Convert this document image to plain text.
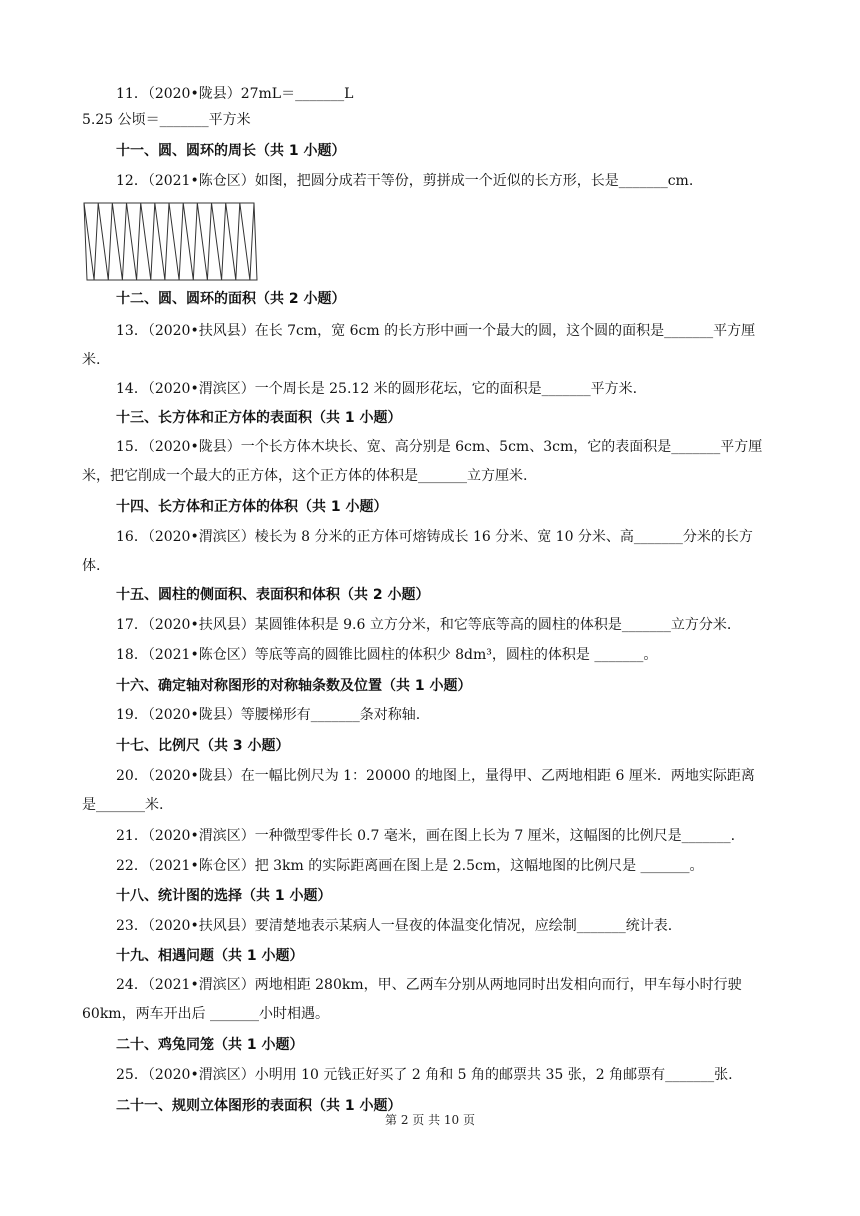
11．（2020•陇县）27mL＝_______L
5.25 公顷＝_______平方米
十一、圆、圆环的周长（共 1 小题）
12．（2021•陈仓区）如图，把圆分成若干等份，剪拼成一个近似的长方形，长是_______cm.
十二、圆、圆环的面积（共 2 小题）
13．（2020•扶风县）在长 7cm，宽 6cm 的长方形中画一个最大的圆，这个圆的面积是_______平方厘
米.
14．（2020•渭滨区）一个周长是 25.12 米的圆形花坛，它的面积是_______平方米.
十三、长方体和正方体的表面积（共 1 小题）
15．（2020•陇县）一个长方体木块长、宽、高分别是 6cm、5cm、3cm，它的表面积是_______平方厘
米，把它削成一个最大的正方体，这个正方体的体积是_______立方厘米.
十四、长方体和正方体的体积（共 1 小题）
16．（2020•渭滨区）棱长为 8 分米的正方体可熔铸成长 16 分米、宽 10 分米、高_______分米的长方
体.
十五、圆柱的侧面积、表面积和体积（共 2 小题）
17．（2020•扶风县）某圆锥体积是 9.6 立方分米，和它等底等高的圆柱的体积是_______立方分米.
18．（2021•陈仓区）等底等高的圆锥比圆柱的体积少 8dm³，圆柱的体积是 _______。
十六、确定轴对称图形的对称轴条数及位置（共 1 小题）
19．（2020•陇县）等腰梯形有_______条对称轴.
十七、比例尺（共 3 小题）
20．（2020•陇县）在一幅比例尺为 1：20000 的地图上，量得甲、乙两地相距 6 厘米．两地实际距离
是_______米.
21．（2020•渭滨区）一种微型零件长 0.7 毫米，画在图上长为 7 厘米，这幅图的比例尺是_______.
22．（2021•陈仓区）把 3km 的实际距离画在图上是 2.5cm，这幅地图的比例尺是 _______。
十八、统计图的选择（共 1 小题）
23．（2020•扶风县）要清楚地表示某病人一昼夜的体温变化情况，应绘制_______统计表.
十九、相遇问题（共 1 小题）
24．（2021•渭滨区）两地相距 280km，甲、乙两车分别从两地同时出发相向而行，甲车每小时行驶
60km，两车开出后 _______小时相遇。
二十、鸡兔同笼（共 1 小题）
25．（2020•渭滨区）小明用 10 元钱正好买了 2 角和 5 角的邮票共 35 张，2 角邮票有_______张.
二十一、规则立体图形的表面积（共 1 小题）
第 2 页 共 10 页
